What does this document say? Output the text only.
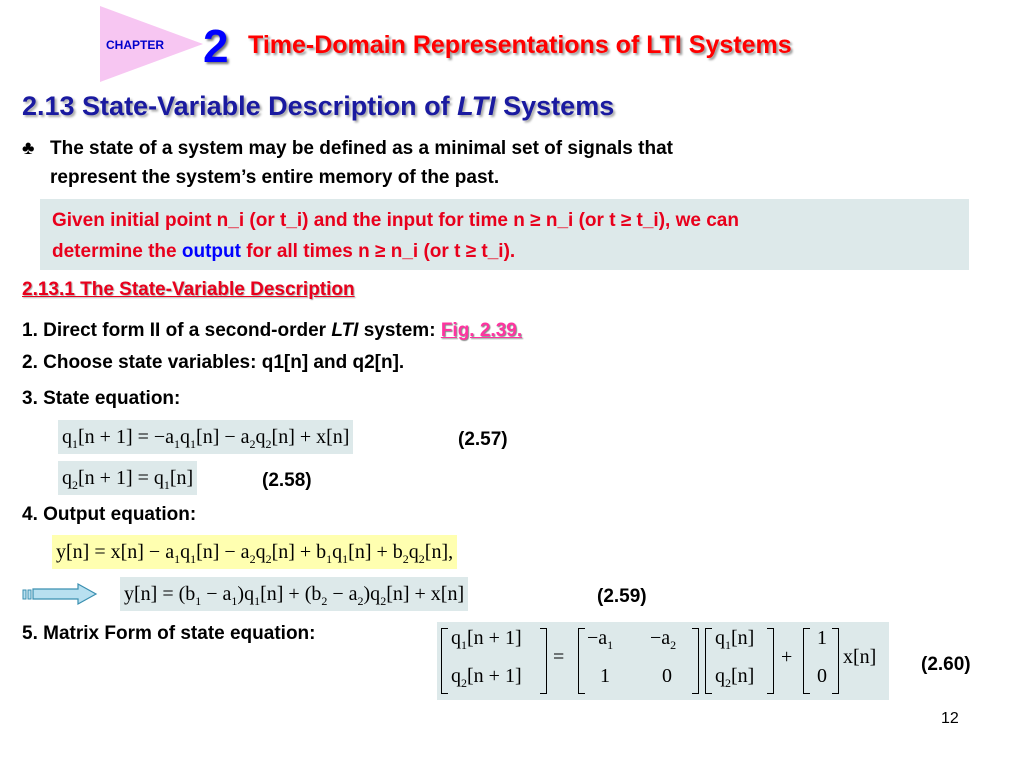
CHAPTER 2 Time-Domain Representations of LTI Systems
2.13 State-Variable Description of LTI Systems
♣ The state of a system may be defined as a minimal set of signals that
represent the system’s entire memory of the past.
Given initial point n_i (or t_i) and the input for time n ≥ n_i (or t ≥ t_i), we can
determine the output for all times n ≥ n_i (or t ≥ t_i).
2.13.1 The State-Variable Description
1. Direct form II of a second-order LTI system: Fig. 2.39.
2. Choose state variables: q1[n] and q2[n].
3. State equation:
$q_1[n + 1] = -a_1q_1[n] - a_2q_2[n] + x[n]$	(2.57)
$q_2[n + 1] = q_1[n]$	(2.58)
4. Output equation:
$y[n] = x[n] - a_1q_1[n] - a_2q_2[n] + b_1q_1[n] + b_2q_2[n]$,
$y[n] = (b_1 - a_1)q_1[n] + (b_2 - a_2)q_2[n] + x[n]$	(2.59)
5. Matrix Form of state equation:	$q_1[n + 1]$
$q_2[n + 1]$
=
$-a_1 -a_2$
1	0
$q_1[n]$
$q_2[n]$
+
1
0
x[n] (2.60)
12
